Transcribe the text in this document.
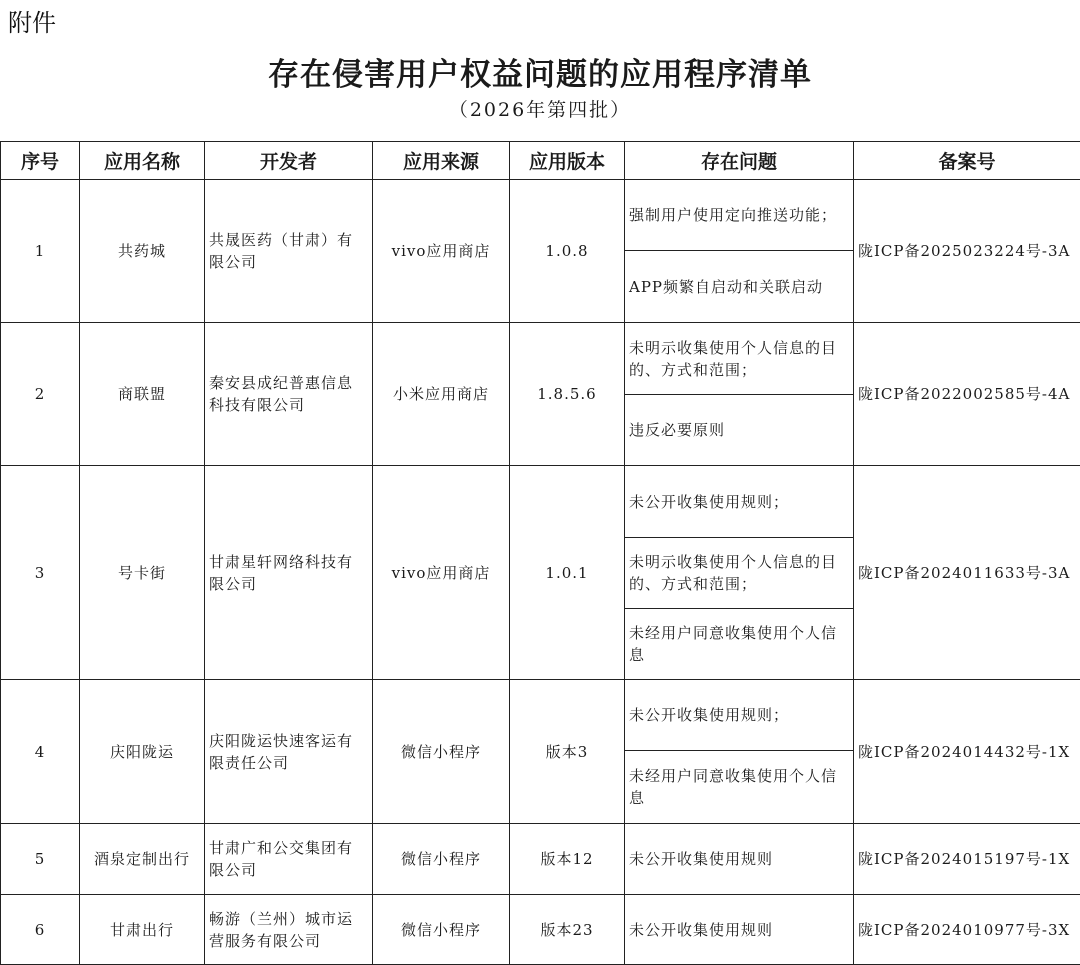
附件
存在侵害用户权益问题的应用程序清单
（2026年第四批）
序号	应用名称	开发者	应用来源	应用版本	存在问题	备案号
1	共药城	共晟医药（甘肃）有限公司	vivo应用商店	1.0.8	强制用户使用定向推送功能；	陇ICP备2025023224号-3A
					APP频繁自启动和关联启动	
2	商联盟	秦安县成纪普惠信息科技有限公司	小米应用商店	1.8.5.6	未明示收集使用个人信息的目的、方式和范围；	陇ICP备2022002585号-4A
					违反必要原则	
3	号卡街	甘肃星轩网络科技有限公司	vivo应用商店	1.0.1	未公开收集使用规则；	陇ICP备2024011633号-3A
					未明示收集使用个人信息的目的、方式和范围；	
					未经用户同意收集使用个人信息	
4	庆阳陇运	庆阳陇运快速客运有限责任公司	微信小程序	版本3	未公开收集使用规则；	陇ICP备2024014432号-1X
					未经用户同意收集使用个人信息	
5	酒泉定制出行	甘肃广和公交集团有限公司	微信小程序	版本12	未公开收集使用规则	陇ICP备2024015197号-1X
6	甘肃出行	畅游（兰州）城市运营服务有限公司	微信小程序	版本23	未公开收集使用规则	陇ICP备2024010977号-3X
